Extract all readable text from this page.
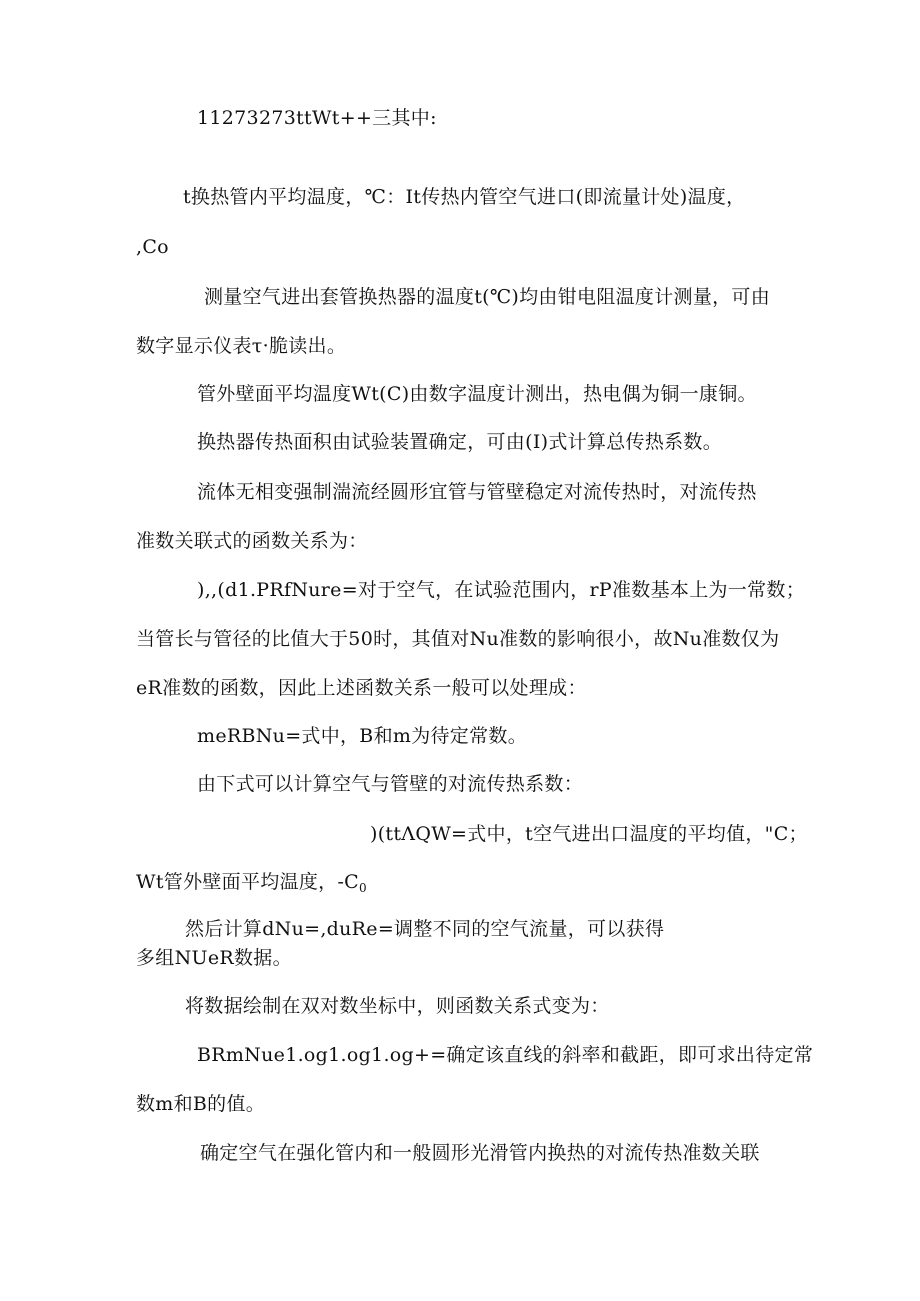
11273273ttWt++三其中:
t换热管内平均温度，℃：It传热内管空气进口(即流量计处)温度，
,Co
测量空气进出套管换热器的温度t(℃)均由钳电阻温度计测量，可由
数字显示仪表τ·脆读出。
管外壁面平均温度Wt(C)由数字温度计测出，热电偶为铜一康铜。
换热器传热面积由试验装置确定，可由(I)式计算总传热系数。
流体无相变强制湍流经圆形宜管与管壁稳定对流传热时，对流传热
准数关联式的函数关系为：
),,(d1.PRfNure=对于空气，在试验范围内，rP准数基本上为一常数；
当管长与管径的比值大于50时，其值对Nu准数的影响很小，故Nu准数仅为
eR准数的函数，因此上述函数关系一般可以处理成：
meRBNu=式中，B和m为待定常数。
由下式可以计算空气与管壁的对流传热系数：
)(ttΛQW=式中，t空气进出口温度的平均值，"C；
Wt管外壁面平均温度，$-C_0$
然后计算dNu=,duRe=调整不同的空气流量，可以获得
多组NUeR数据。
将数据绘制在双对数坐标中，则函数关系式变为：
BRmNue1.og1.og1.og+=确定该直线的斜率和截距，即可求出待定常
数m和B的值。
确定空气在强化管内和一般圆形光滑管内换热的对流传热准数关联
